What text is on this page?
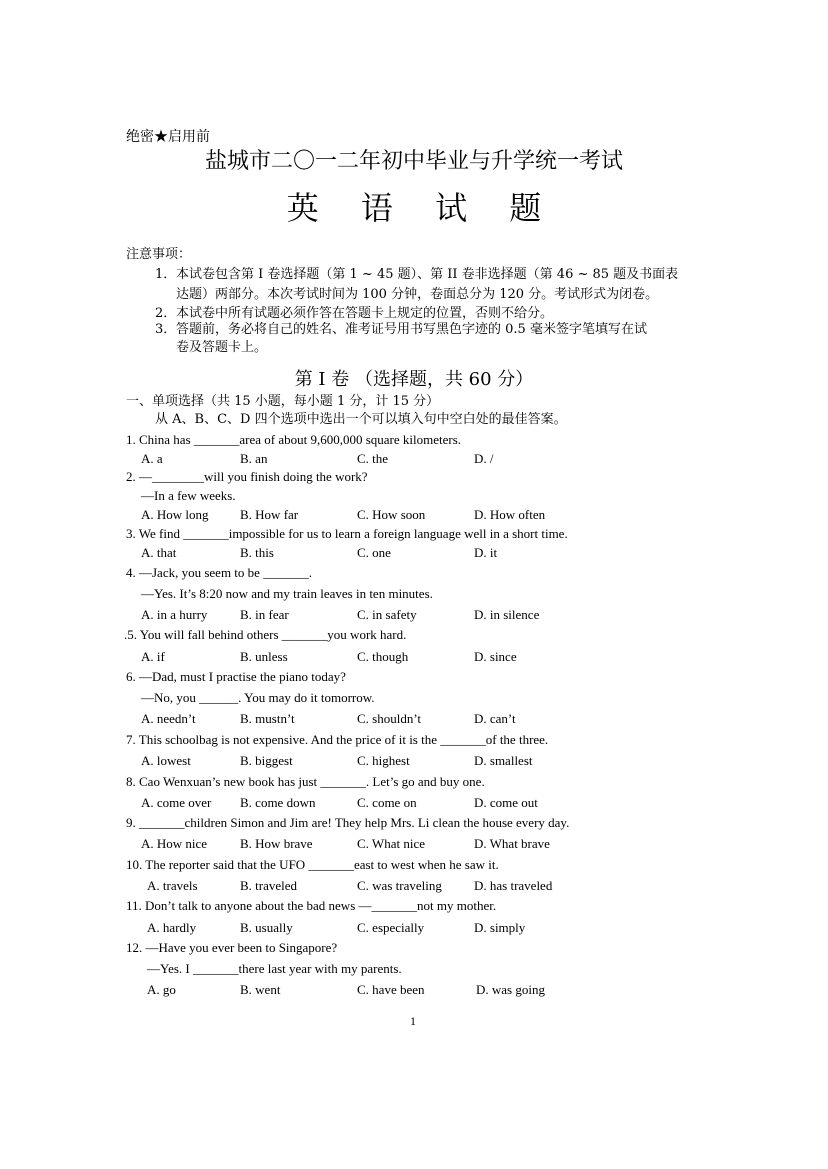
绝密★启用前
盐城市二〇一二年初中毕业与升学统一考试
英 语 试 题
注意事项：
1． 本试卷包含第 I 卷选择题（第 1 ~ 45 题）、第 II 卷非选择题（第 46 ~ 85 题及书面表
达题）两部分。本次考试时间为 100 分钟，卷面总分为 120 分。考试形式为闭卷。
2． 本试卷中所有试题必须作答在答题卡上规定的位置，否则不给分。
3． 答题前，务必将自己的姓名、准考证号用书写黑色字迹的 0.5 毫米签字笔填写在试
卷及答题卡上。
第 I 卷 （选择题，共 60 分）
一、单项选择（共 15 小题，每小题 1 分，计 15 分）
从 A、B、C、D 四个选项中选出一个可以填入句中空白处的最佳答案。
1. China has _______area of about 9,600,000 square kilometers.
A. a	B. an	C. the	D. /
2. —________will you finish doing the work?
—In a few weeks.
A. How long B. How far	C. How soon	D. How often
3. We find _______impossible for us to learn a foreign language well in a short time.
A. that	B. this	C. one	D. it
4. —Jack, you seem to be _______.
—Yes. It’s 8:20 now and my train leaves in ten minutes.
A. in a hurry	B. in fear	C. in safety	D. in silence
.5. You will fall behind others _______you work hard.
A. if	B. unless	C. though	D. since
6. —Dad, must I practise the piano today?
—No, you ______. You may do it tomorrow.
A. needn’t	B. mustn’t	C. shouldn’t	D. can’t
7. This schoolbag is not expensive. And the price of it is the _______of the three.
A. lowest	B. biggest	C. highest	D. smallest
8. Cao Wenxuan’s new book has just _______. Let’s go and buy one.
A. come over B. come down	C. come on	D. come out
9. _______children Simon and Jim are! They help Mrs. Li clean the house every day.
A. How nice	B. How brave	C. What nice	D. What brave
10. The reporter said that the UFO _______east to west when he saw it.
A. travels	B. traveled	C. was traveling D. has traveled
11. Don’t talk to anyone about the bad news —_______not my mother.
A. hardly	B. usually	C. especially	D. simply
12. —Have you ever been to Singapore?
—Yes. I _______there last year with my parents.
A. go	B. went	C. have been	D. was going
1
